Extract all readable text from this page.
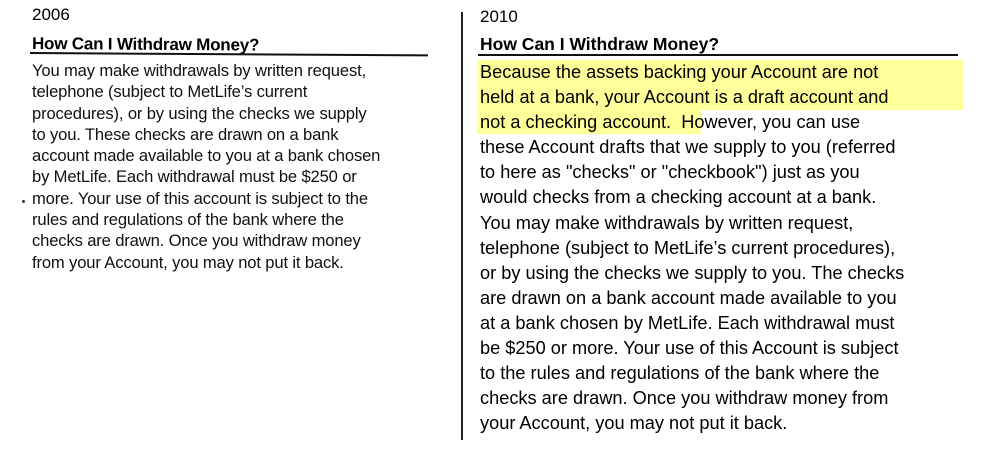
2006
How Can I Withdraw Money?

You may make withdrawals by written request,
telephone (subject to MetLife’s current
procedures), or by using the checks we supply
to you. These checks are drawn on a bank
account made available to you at a bank chosen
by MetLife. Each withdrawal must be $250 or
more. Your use of this account is subject to the
rules and regulations of the bank where the
checks are drawn. Once you withdraw money
from your Account, you may not put it back.

2010
How Can I Withdraw Money?

Because the assets backing your Account are not
held at a bank, your Account is a draft account and
not a checking account. However, you can use
these Account drafts that we supply to you (referred
to here as "checks" or "checkbook") just as you
would checks from a checking account at a bank.
You may make withdrawals by written request,
telephone (subject to MetLife’s current procedures),
or by using the checks we supply to you. The checks
are drawn on a bank account made available to you
at a bank chosen by MetLife. Each withdrawal must
be $250 or more. Your use of this Account is subject
to the rules and regulations of the bank where the
checks are drawn. Once you withdraw money from
your Account, you may not put it back.
